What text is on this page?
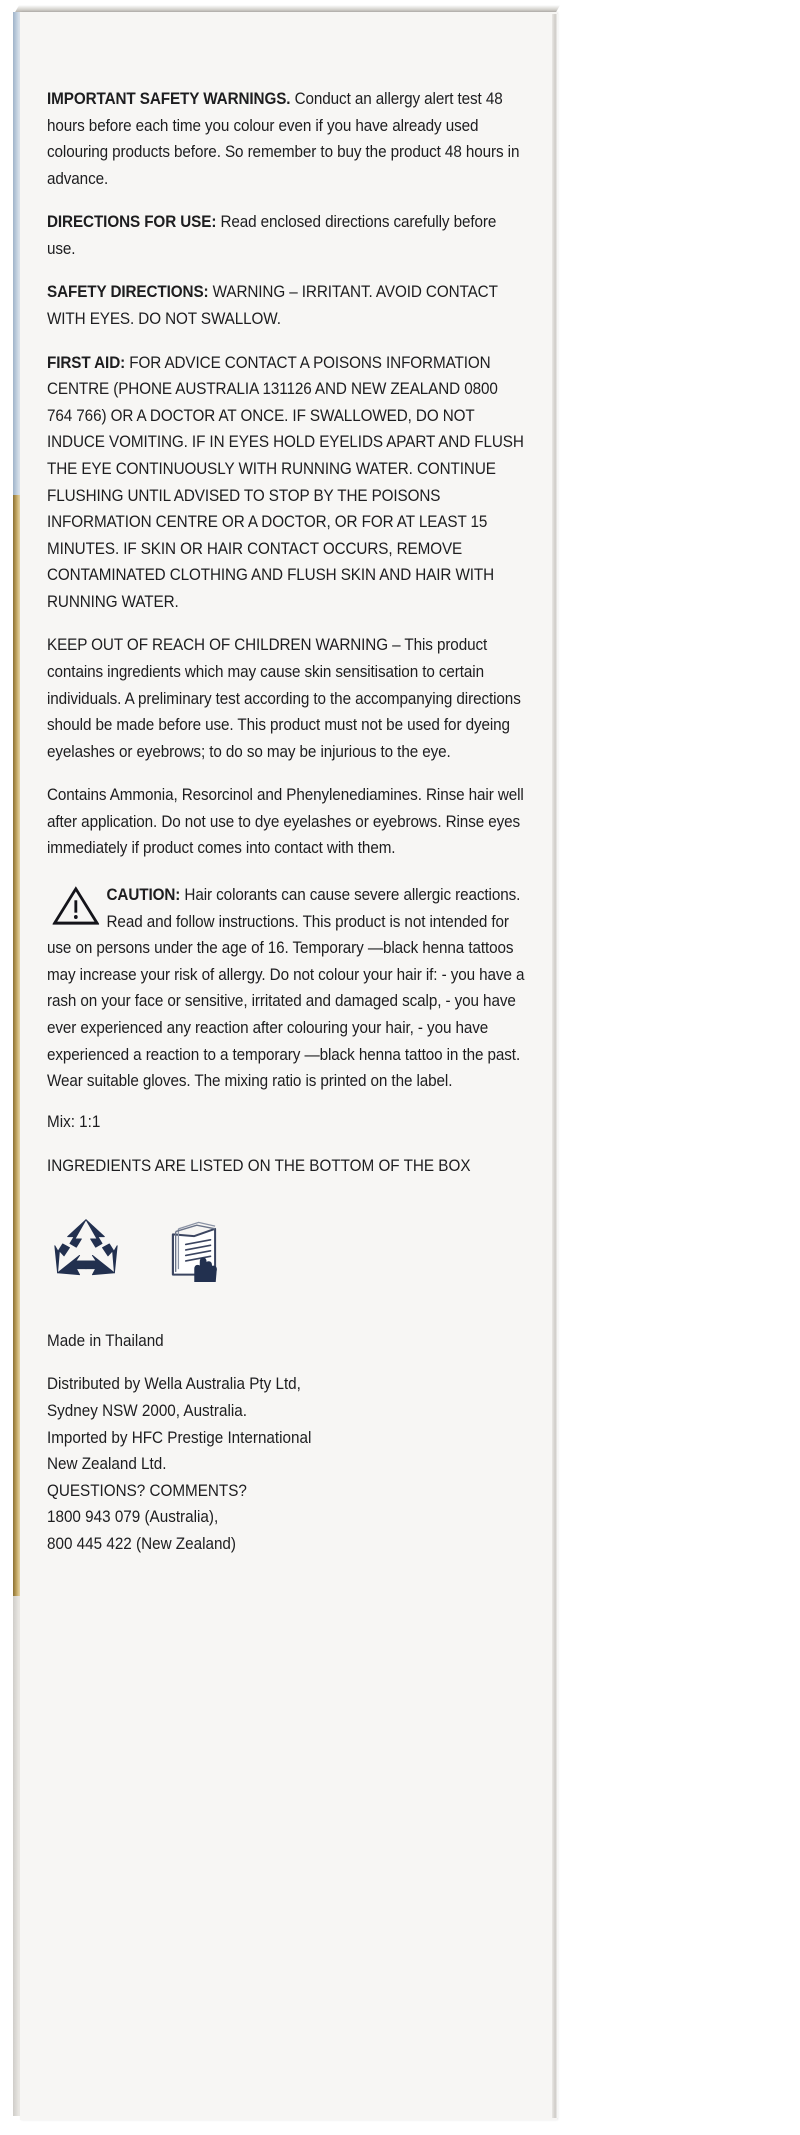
IMPORTANT SAFETY WARNINGS. Conduct an allergy alert test 48 hours before each time you colour even if you have already used colouring products before. So remember to buy the product 48 hours in advance.

DIRECTIONS FOR USE: Read enclosed directions carefully before use.

SAFETY DIRECTIONS: WARNING – IRRITANT. AVOID CONTACT WITH EYES. DO NOT SWALLOW.

FIRST AID: FOR ADVICE CONTACT A POISONS INFORMATION CENTRE (PHONE AUSTRALIA 131126 AND NEW ZEALAND 0800 764 766) OR A DOCTOR AT ONCE. IF SWALLOWED, DO NOT INDUCE VOMITING. IF IN EYES HOLD EYELIDS APART AND FLUSH THE EYE CONTINUOUSLY WITH RUNNING WATER. CONTINUE FLUSHING UNTIL ADVISED TO STOP BY THE POISONS INFORMATION CENTRE OR A DOCTOR, OR FOR AT LEAST 15 MINUTES. IF SKIN OR HAIR CONTACT OCCURS, REMOVE CONTAMINATED CLOTHING AND FLUSH SKIN AND HAIR WITH RUNNING WATER.

KEEP OUT OF REACH OF CHILDREN WARNING – This product contains ingredients which may cause skin sensitisation to certain individuals. A preliminary test according to the accompanying directions should be made before use. This product must not be used for dyeing eyelashes or eyebrows; to do so may be injurious to the eye.

Contains Ammonia, Resorcinol and Phenylenediamines. Rinse hair well after application. Do not use to dye eyelashes or eyebrows. Rinse eyes immediately if product comes into contact with them.

CAUTION: Hair colorants can cause severe allergic reactions. Read and follow instructions. This product is not intended for use on persons under the age of 16. Temporary —black henna tattoos may increase your risk of allergy. Do not colour your hair if: - you have a rash on your face or sensitive, irritated and damaged scalp, - you have ever experienced any reaction after colouring your hair, - you have experienced a reaction to a temporary —black henna tattoo in the past. Wear suitable gloves. The mixing ratio is printed on the label.
Mix: 1:1
INGREDIENTS ARE LISTED ON THE BOTTOM OF THE BOX
Made in Thailand
Distributed by Wella Australia Pty Ltd,
Sydney NSW 2000, Australia.
Imported by HFC Prestige International
New Zealand Ltd.
QUESTIONS? COMMENTS?
1800 943 079 (Australia),
800 445 422 (New Zealand)
